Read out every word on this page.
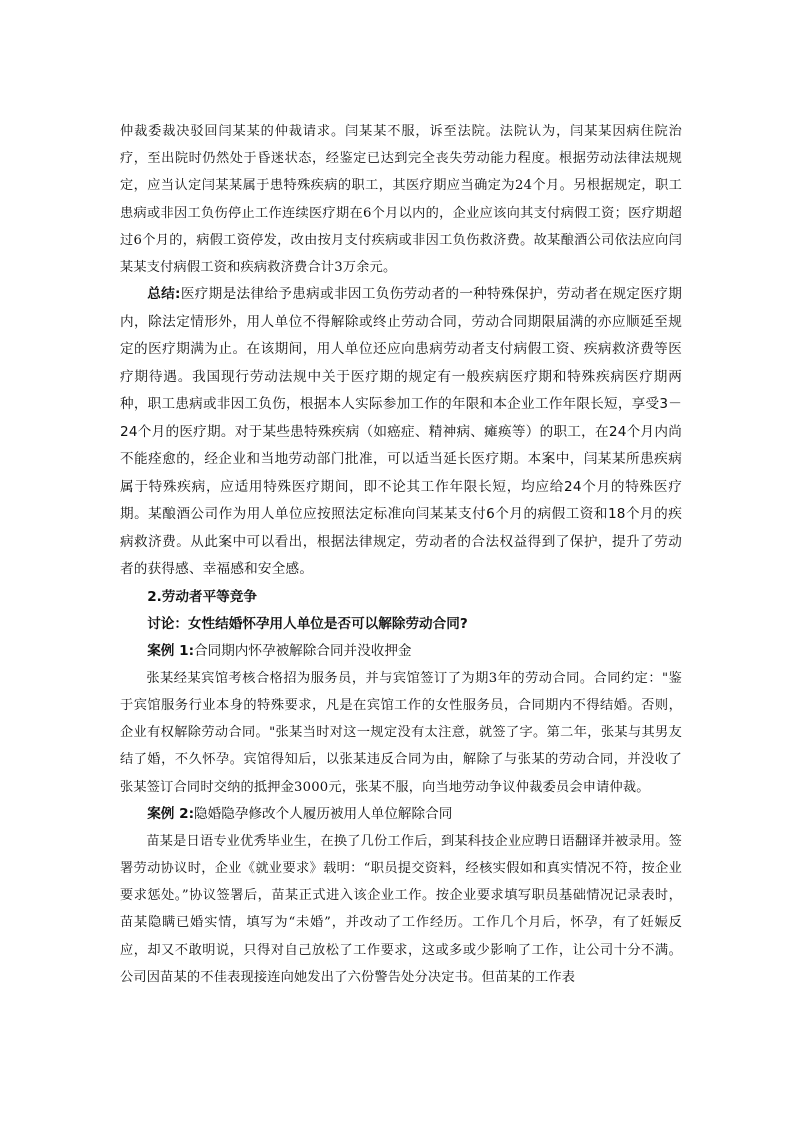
仲裁委裁决驳回闫某某的仲裁请求。闫某某不服，诉至法院。法院认为，闫某某因病住院治疗，至出院时仍然处于昏迷状态，经鉴定已达到完全丧失劳动能力程度。根据劳动法律法规规定，应当认定闫某某属于患特殊疾病的职工，其医疗期应当确定为24个月。另根据规定，职工患病或非因工负伤停止工作连续医疗期在6个月以内的，企业应该向其支付病假工资；医疗期超过6个月的，病假工资停发，改由按月支付疾病或非因工负伤救济费。故某酿酒公司依法应向闫某某支付病假工资和疾病救济费合计3万余元。

总结:医疗期是法律给予患病或非因工负伤劳动者的一种特殊保护，劳动者在规定医疗期内，除法定情形外，用人单位不得解除或终止劳动合同，劳动合同期限届满的亦应顺延至规定的医疗期满为止。在该期间，用人单位还应向患病劳动者支付病假工资、疾病救济费等医疗期待遇。我国现行劳动法规中关于医疗期的规定有一般疾病医疗期和特殊疾病医疗期两种，职工患病或非因工负伤，根据本人实际参加工作的年限和本企业工作年限长短，享受3－24个月的医疗期。对于某些患特殊疾病（如癌症、精神病、瘫痪等）的职工，在24个月内尚不能痊愈的，经企业和当地劳动部门批准，可以适当延长医疗期。本案中，闫某某所患疾病属于特殊疾病，应适用特殊医疗期间，即不论其工作年限长短，均应给24个月的特殊医疗期。某酿酒公司作为用人单位应按照法定标准向闫某某支付6个月的病假工资和18个月的疾病救济费。从此案中可以看出，根据法律规定，劳动者的合法权益得到了保护，提升了劳动者的获得感、幸福感和安全感。

2.劳动者平等竞争

讨论：女性结婚怀孕用人单位是否可以解除劳动合同?

案例 1:合同期内怀孕被解除合同并没收押金

张某经某宾馆考核合格招为服务员，并与宾馆签订了为期3年的劳动合同。合同约定："鉴于宾馆服务行业本身的特殊要求，凡是在宾馆工作的女性服务员，合同期内不得结婚。否则，企业有权解除劳动合同。"张某当时对这一规定没有太注意，就签了字。第二年，张某与其男友结了婚，不久怀孕。宾馆得知后，以张某违反合同为由，解除了与张某的劳动合同，并没收了张某签订合同时交纳的抵押金3000元，张某不服，向当地劳动争议仲裁委员会申请仲裁。

案例 2:隐婚隐孕修改个人履历被用人单位解除合同

苗某是日语专业优秀毕业生，在换了几份工作后，到某科技企业应聘日语翻译并被录用。签署劳动协议时，企业《就业要求》载明：“职员提交资料，经核实假如和真实情况不符，按企业要求惩处。”协议签署后，苗某正式进入该企业工作。按企业要求填写职员基础情况记录表时，苗某隐瞒已婚实情，填写为“未婚”，并改动了工作经历。工作几个月后，怀孕，有了妊娠反应，却又不敢明说，只得对自己放松了工作要求，这或多或少影响了工作，让公司十分不满。公司因苗某的不佳表现接连向她发出了六份警告处分决定书。但苗某的工作表
